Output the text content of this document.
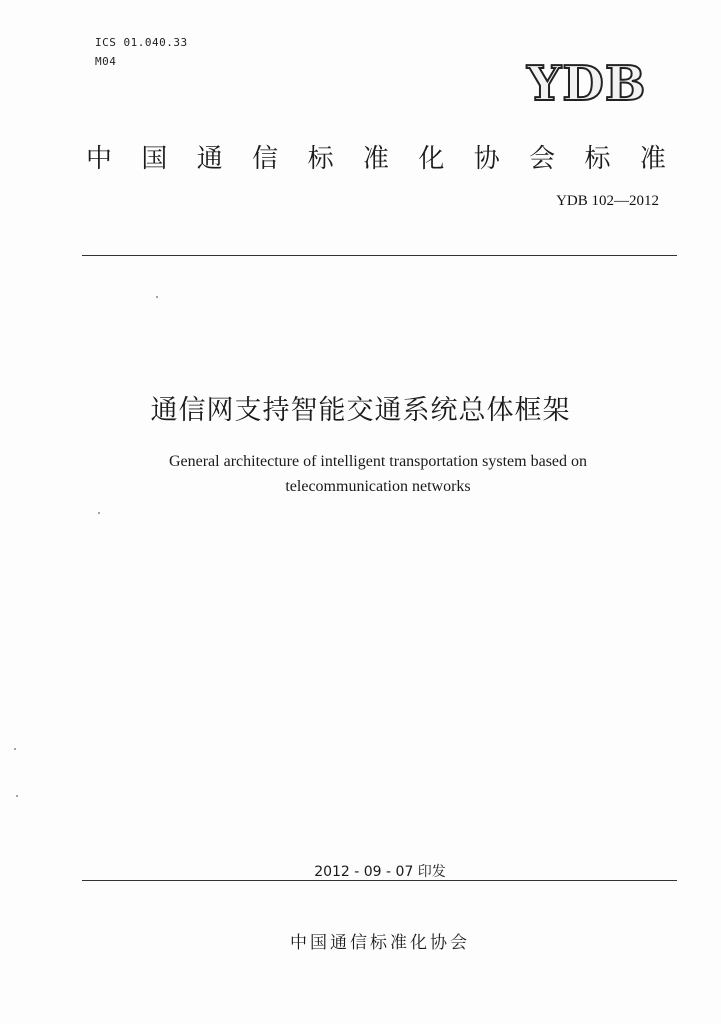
ICS 01.040.33
M04	YDB
中 国 通 信 标 准 化 协 会 标 准
YDB 102—2012
通信网支持智能交通系统总体框架
General architecture of intelligent transportation system based on
telecommunication networks
2012 - 09 - 07 印发
中国通信标准化协会
